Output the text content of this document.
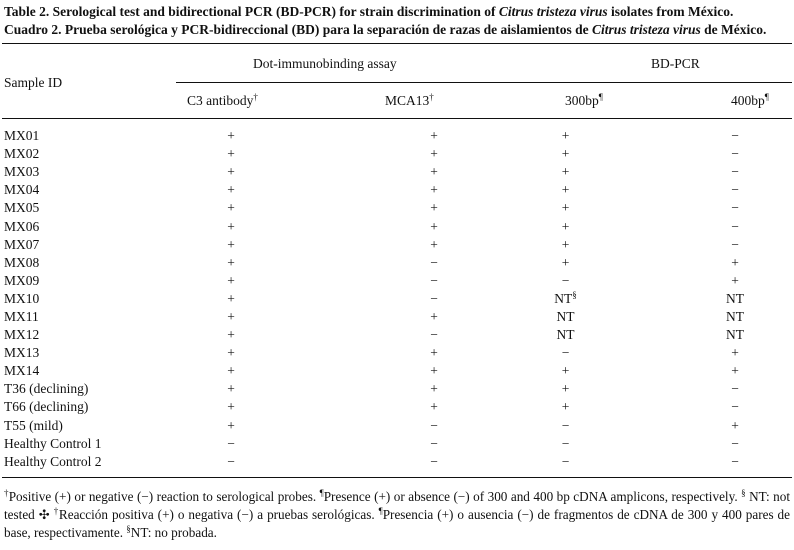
Table 2. Serological test and bidirectional PCR (BD-PCR) for strain discrimination of Citrus tristeza virus isolates from México.
Cuadro 2. Prueba serológica y PCR-bidireccional (BD) para la separación de razas de aislamientos de Citrus tristeza virus de México.
Sample ID
Dot-immunobinding assay	BD-PCR
C3 antibody†	MCA13†	300bp¶	400bp¶
MX01	+		+		+		−
MX02	+		+		+		−
MX03	+		+		+		−
MX04	+		+		+		−
MX05	+		+		+		−
MX06	+		+		+		−
MX07	+		+		+		−
MX08	+		−		+		+
MX09	+		−		−		+
MX10	+		−		NT§		NT
MX11	+		+		NT		NT
MX12	+		−		NT		NT
MX13	+		+		−		+
MX14	+		+		+		+
T36 (declining)	+		+		+		−
T66 (declining)	+		+		+		−
T55 (mild)	+		−		−		+
Healthy Control 1	−		−		−		−
Healthy Control 2	−		−		−		−
†Positive (+) or negative (−) reaction to serological probes. ¶Presence (+) or absence (−) of 300 and 400 bp cDNA amplicons, respectively. § NT: not tested ✣ †Reacción positiva (+) o negativa (−) a pruebas serológicas. ¶Presencia (+) o ausencia (−) de fragmentos de cDNA de 300 y 400 pares de base, respectivamente. §NT: no probada.
